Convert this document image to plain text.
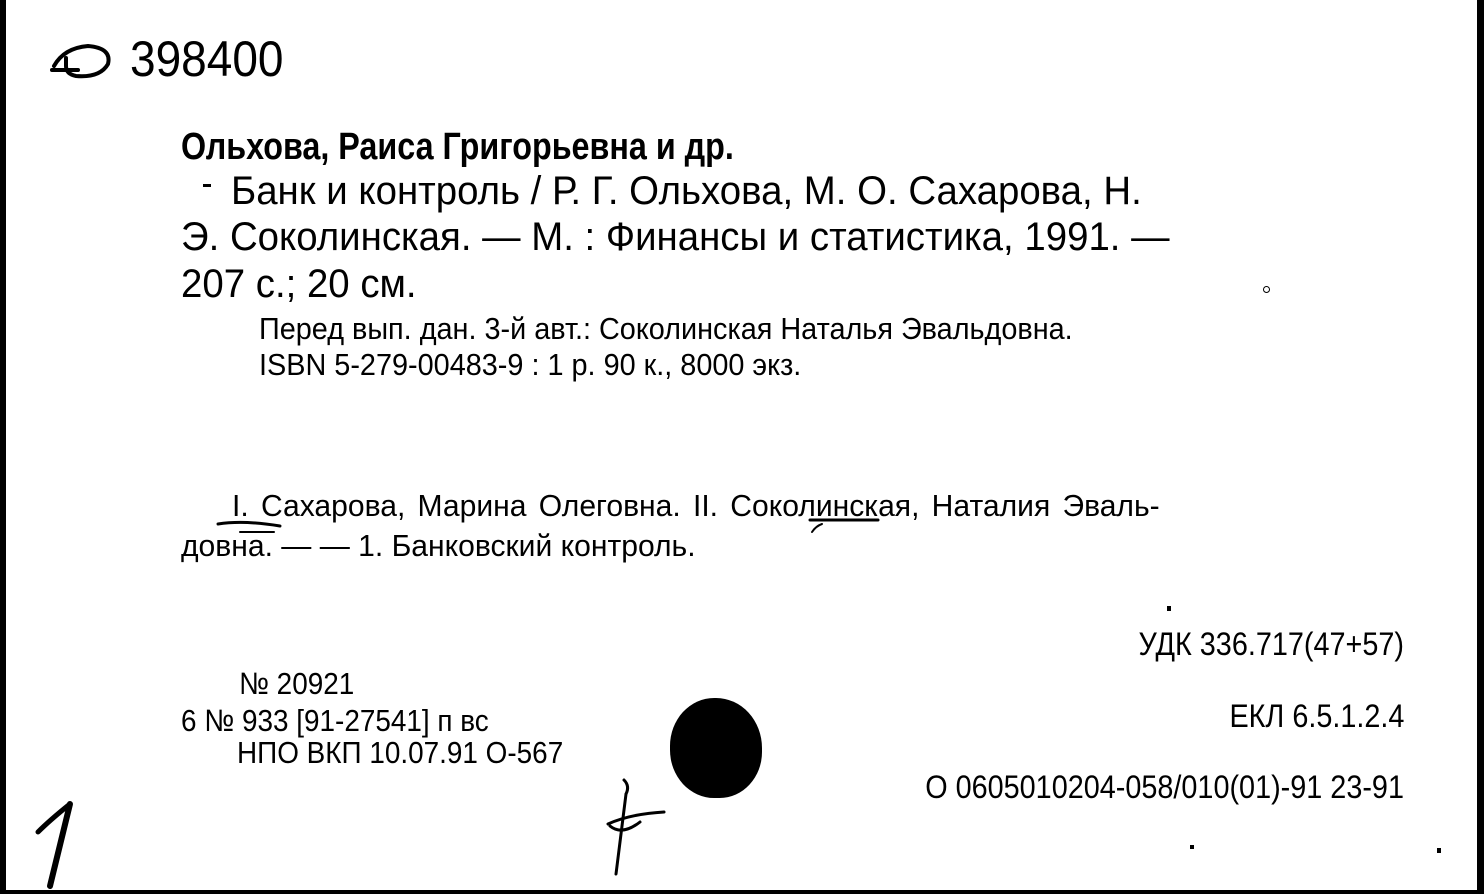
398400
Ольхова, Раиса Григорьевна и др.
Банк и контроль / Р. Г. Ольхова, М. О. Сахарова, Н.
Э. Соколинская. — М. : Финансы и статистика, 1991. —
207 с.; 20 см.
Перед вып. дан. 3-й авт.: Соколинская Наталья Эвальдовна.
ISBN 5-279-00483-9 : 1 р. 90 к., 8000 экз.
I. Сахарова, Марина Олеговна. II. Соколинская, Наталия Эваль-
довна. — — 1. Банковский контроль.
УДК 336.717(47+57)
ЕКЛ 6.5.1.2.4
О 0605010204-058/010(01)-91 23-91
№ 20921
6 № 933 [91-27541] п вс
НПО ВКП 10.07.91 О-567
